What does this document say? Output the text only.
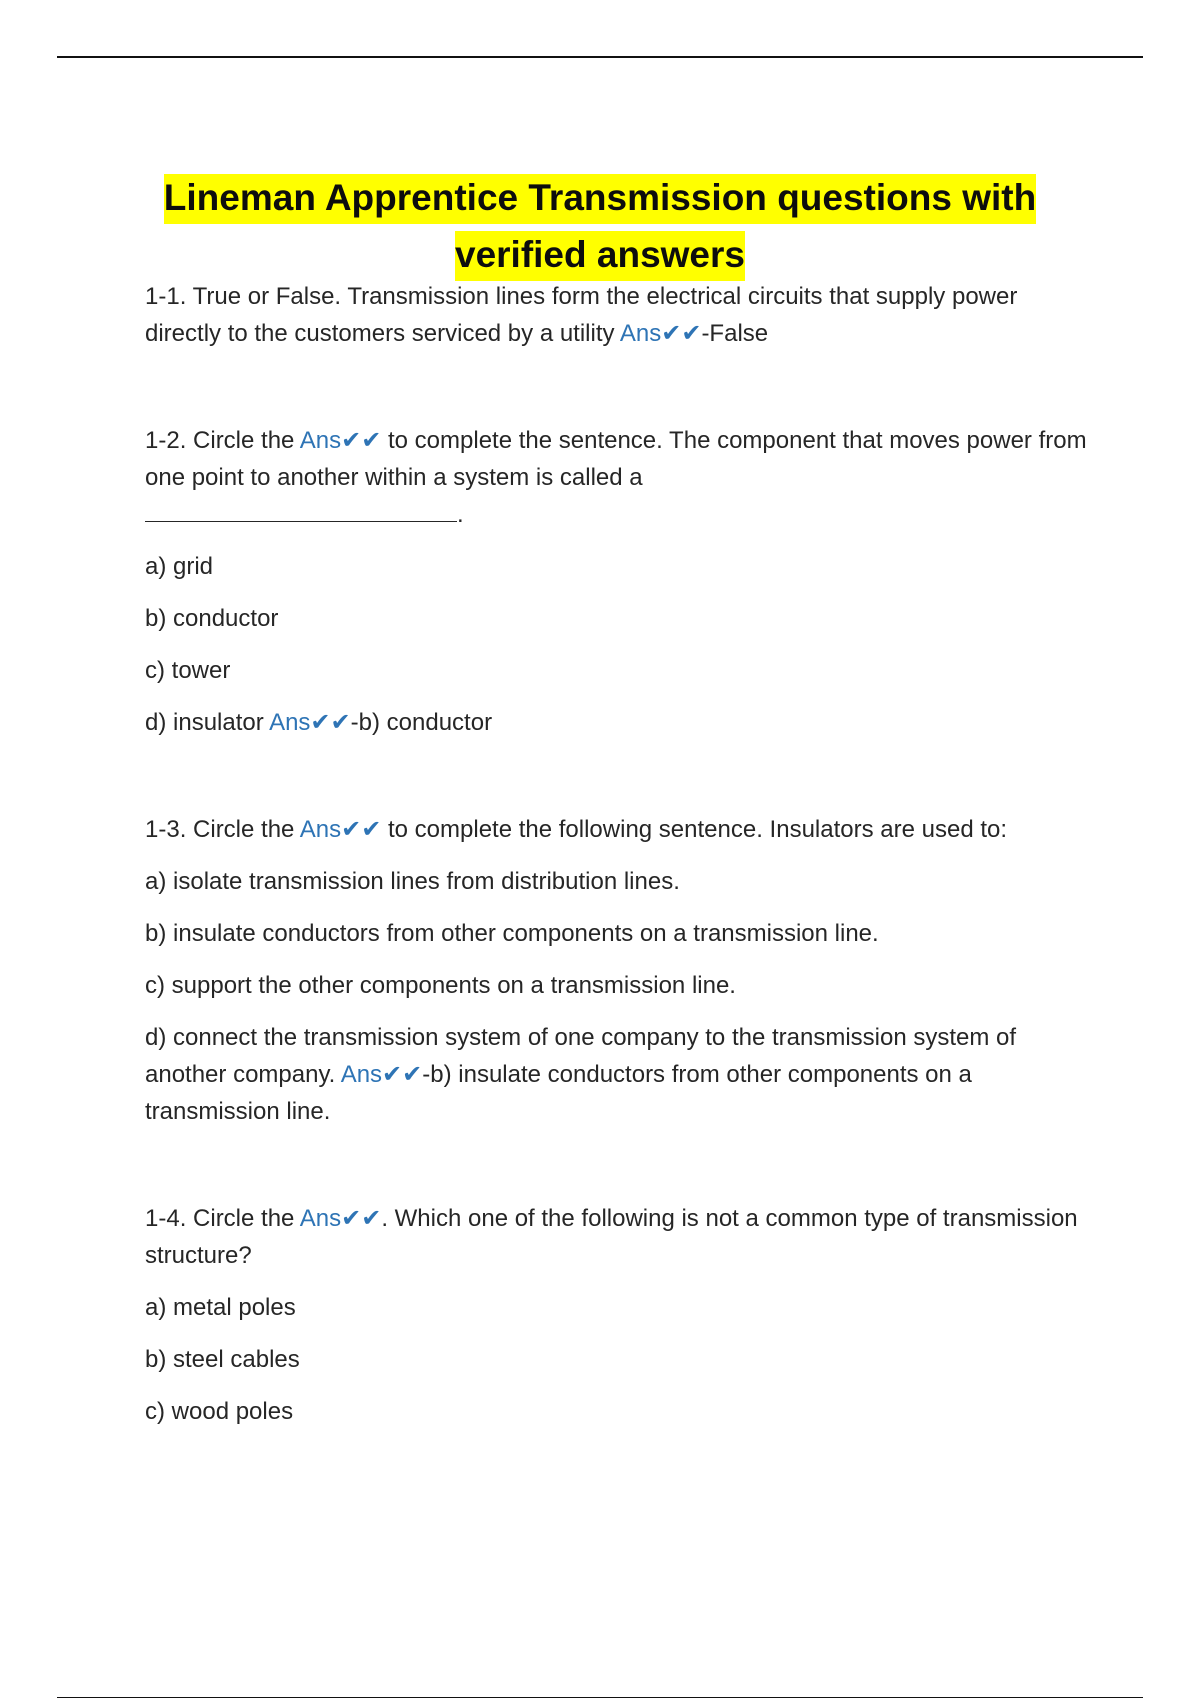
Lineman Apprentice Transmission questions with verified answers

1-1. True or False. Transmission lines form the electrical circuits that supply power directly to the customers serviced by a utility Ans✔✔-False

1-2. Circle the Ans✔✔ to complete the sentence. The component that moves power from one point to another within a system is called a
.

a) grid

b) conductor

c) tower

d) insulator Ans✔✔-b) conductor

1-3. Circle the Ans✔✔ to complete the following sentence. Insulators are used to:

a) isolate transmission lines from distribution lines.

b) insulate conductors from other components on a transmission line.

c) support the other components on a transmission line.

d) connect the transmission system of one company to the transmission system of another company. Ans✔✔-b) insulate conductors from other components on a transmission line.

1-4. Circle the Ans✔✔. Which one of the following is not a common type of transmission structure?

a) metal poles

b) steel cables

c) wood poles
